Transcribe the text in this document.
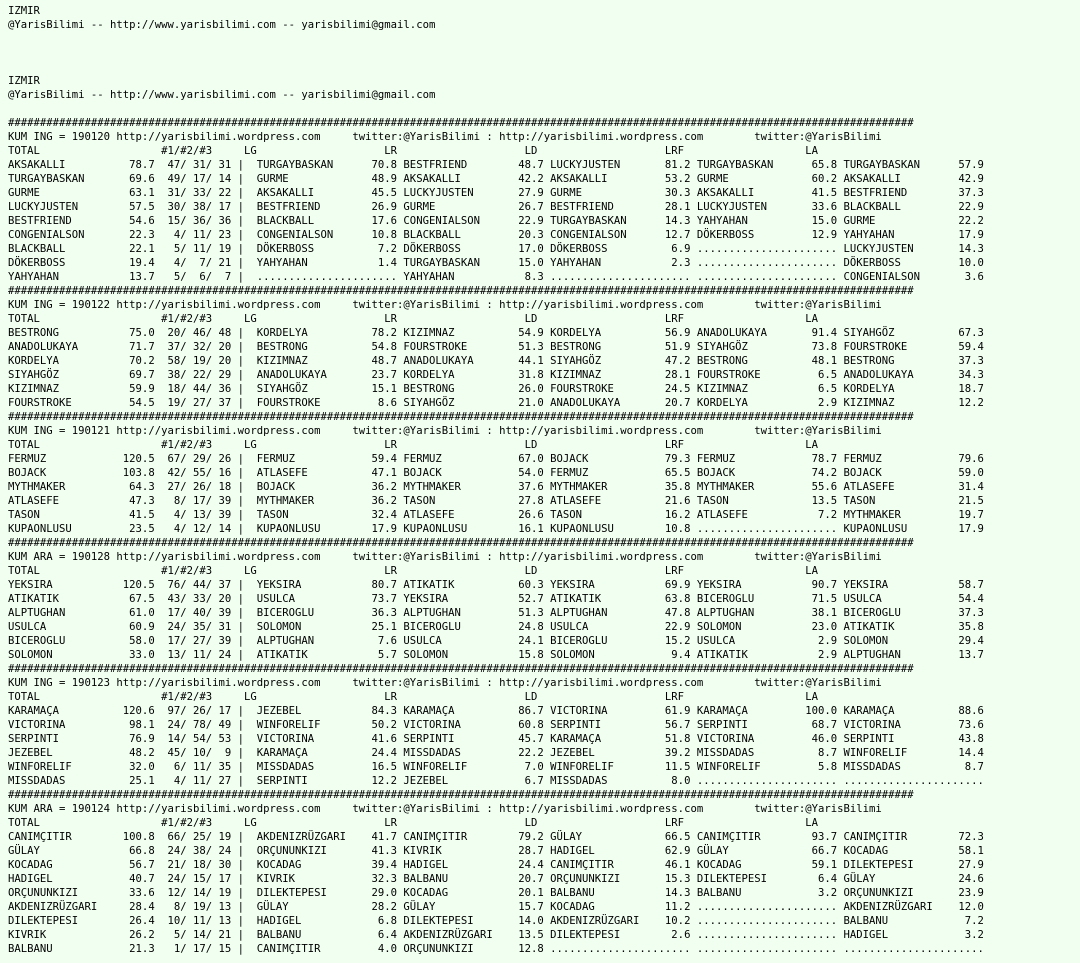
IZMIR
@YarisBilimi -- http://www.yarisbilimi.com -- yarisbilimi@gmail.com
IZMIR
@YarisBilimi -- http://www.yarisbilimi.com -- yarisbilimi@gmail.com
##############################################################################################################################################
KUM ING = 190120 http://yarisbilimi.wordpress.com     twitter:@YarisBilimi : http://yarisbilimi.wordpress.com        twitter:@YarisBilimi
TOTAL                   #1/#2/#3     LG                    LR                    LD                    LRF                   LA
AKSAKALLI          78.7  47/ 31/ 31 |  TURGAYBASKAN      70.8 BESTFRIEND        48.7 LUCKYJUSTEN       81.2 TURGAYBASKAN      65.8 TURGAYBASKAN      57.9
TURGAYBASKAN       69.6  49/ 17/ 14 |  GURME             48.9 AKSAKALLI         42.2 AKSAKALLI         53.2 GURME             60.2 AKSAKALLI         42.9
GURME              63.1  31/ 33/ 22 |  AKSAKALLI         45.5 LUCKYJUSTEN       27.9 GURME             30.3 AKSAKALLI         41.5 BESTFRIEND        37.3
LUCKYJUSTEN        57.5  30/ 38/ 17 |  BESTFRIEND        26.9 GURME             26.7 BESTFRIEND        28.1 LUCKYJUSTEN       33.6 BLACKBALL         22.9
BESTFRIEND         54.6  15/ 36/ 36 |  BLACKBALL         17.6 CONGENIALSON      22.9 TURGAYBASKAN      14.3 YAHYAHAN          15.0 GURME             22.2
CONGENIALSON       22.3   4/ 11/ 23 |  CONGENIALSON      10.8 BLACKBALL         20.3 CONGENIALSON      12.7 DÖKERBOSS         12.9 YAHYAHAN          17.9
BLACKBALL          22.1   5/ 11/ 19 |  DÖKERBOSS          7.2 DÖKERBOSS         17.0 DÖKERBOSS          6.9 ...................... LUCKYJUSTEN       14.3
DÖKERBOSS          19.4   4/  7/ 21 |  YAHYAHAN           1.4 TURGAYBASKAN      15.0 YAHYAHAN           2.3 ...................... DÖKERBOSS         10.0
YAHYAHAN           13.7   5/  6/  7 |  ...................... YAHYAHAN           8.3 ...................... ...................... CONGENIALSON       3.6
##############################################################################################################################################
KUM ING = 190122 http://yarisbilimi.wordpress.com     twitter:@YarisBilimi : http://yarisbilimi.wordpress.com        twitter:@YarisBilimi
TOTAL                   #1/#2/#3     LG                    LR                    LD                    LRF                   LA
BESTRONG           75.0  20/ 46/ 48 |  KORDELYA          78.2 KIZIMNAZ          54.9 KORDELYA          56.9 ANADOLUKAYA       91.4 SIYAHGÖZ          67.3
ANADOLUKAYA        71.7  37/ 32/ 20 |  BESTRONG          54.8 FOURSTROKE        51.3 BESTRONG          51.9 SIYAHGÖZ          73.8 FOURSTROKE        59.4
KORDELYA           70.2  58/ 19/ 20 |  KIZIMNAZ          48.7 ANADOLUKAYA       44.1 SIYAHGÖZ          47.2 BESTRONG          48.1 BESTRONG          37.3
SIYAHGÖZ           69.7  38/ 22/ 29 |  ANADOLUKAYA       23.7 KORDELYA          31.8 KIZIMNAZ          28.1 FOURSTROKE         6.5 ANADOLUKAYA       34.3
KIZIMNAZ           59.9  18/ 44/ 36 |  SIYAHGÖZ          15.1 BESTRONG          26.0 FOURSTROKE        24.5 KIZIMNAZ           6.5 KORDELYA          18.7
FOURSTROKE         54.5  19/ 27/ 37 |  FOURSTROKE         8.6 SIYAHGÖZ          21.0 ANADOLUKAYA       20.7 KORDELYA           2.9 KIZIMNAZ          12.2
##############################################################################################################################################
KUM ING = 190121 http://yarisbilimi.wordpress.com     twitter:@YarisBilimi : http://yarisbilimi.wordpress.com        twitter:@YarisBilimi
TOTAL                   #1/#2/#3     LG                    LR                    LD                    LRF                   LA
FERMUZ            120.5  67/ 29/ 26 |  FERMUZ            59.4 FERMUZ            67.0 BOJACK            79.3 FERMUZ            78.7 FERMUZ            79.6
BOJACK            103.8  42/ 55/ 16 |  ATLASEFE          47.1 BOJACK            54.0 FERMUZ            65.5 BOJACK            74.2 BOJACK            59.0
MYTHMAKER          64.3  27/ 26/ 18 |  BOJACK            36.2 MYTHMAKER         37.6 MYTHMAKER         35.8 MYTHMAKER         55.6 ATLASEFE          31.4
ATLASEFE           47.3   8/ 17/ 39 |  MYTHMAKER         36.2 TASON             27.8 ATLASEFE          21.6 TASON             13.5 TASON             21.5
TASON              41.5   4/ 13/ 39 |  TASON             32.4 ATLASEFE          26.6 TASON             16.2 ATLASEFE           7.2 MYTHMAKER         19.7
KUPAONLUSU         23.5   4/ 12/ 14 |  KUPAONLUSU        17.9 KUPAONLUSU        16.1 KUPAONLUSU        10.8 ...................... KUPAONLUSU        17.9
##############################################################################################################################################
KUM ARA = 190128 http://yarisbilimi.wordpress.com     twitter:@YarisBilimi : http://yarisbilimi.wordpress.com        twitter:@YarisBilimi
TOTAL                   #1/#2/#3     LG                    LR                    LD                    LRF                   LA
YEKSIRA           120.5  76/ 44/ 37 |  YEKSIRA           80.7 ATIKATIK          60.3 YEKSIRA           69.9 YEKSIRA           90.7 YEKSIRA           58.7
ATIKATIK           67.5  43/ 33/ 20 |  USULCA            73.7 YEKSIRA           52.7 ATIKATIK          63.8 BICEROGLU         71.5 USULCA            54.4
ALPTUGHAN          61.0  17/ 40/ 39 |  BICEROGLU         36.3 ALPTUGHAN         51.3 ALPTUGHAN         47.8 ALPTUGHAN         38.1 BICEROGLU         37.3
USULCA             60.9  24/ 35/ 31 |  SOLOMON           25.1 BICEROGLU         24.8 USULCA            22.9 SOLOMON           23.0 ATIKATIK          35.8
BICEROGLU          58.0  17/ 27/ 39 |  ALPTUGHAN          7.6 USULCA            24.1 BICEROGLU         15.2 USULCA             2.9 SOLOMON           29.4
SOLOMON            33.0  13/ 11/ 24 |  ATIKATIK           5.7 SOLOMON           15.8 SOLOMON            9.4 ATIKATIK           2.9 ALPTUGHAN         13.7
##############################################################################################################################################
KUM ING = 190123 http://yarisbilimi.wordpress.com     twitter:@YarisBilimi : http://yarisbilimi.wordpress.com        twitter:@YarisBilimi
TOTAL                   #1/#2/#3     LG                    LR                    LD                    LRF                   LA
KARAMAÇA          120.6  97/ 26/ 17 |  JEZEBEL           84.3 KARAMAÇA          86.7 VICTORINA         61.9 KARAMAÇA         100.0 KARAMAÇA          88.6
VICTORINA          98.1  24/ 78/ 49 |  WINFORELIF        50.2 VICTORINA         60.8 SERPINTI          56.7 SERPINTI          68.7 VICTORINA         73.6
SERPINTI           76.9  14/ 54/ 53 |  VICTORINA         41.6 SERPINTI          45.7 KARAMAÇA          51.8 VICTORINA         46.0 SERPINTI          43.8
JEZEBEL            48.2  45/ 10/  9 |  KARAMAÇA          24.4 MISSDADAS         22.2 JEZEBEL           39.2 MISSDADAS          8.7 WINFORELIF        14.4
WINFORELIF         32.0   6/ 11/ 35 |  MISSDADAS         16.5 WINFORELIF         7.0 WINFORELIF        11.5 WINFORELIF         5.8 MISSDADAS          8.7
MISSDADAS          25.1   4/ 11/ 27 |  SERPINTI          12.2 JEZEBEL            6.7 MISSDADAS          8.0 ...................... ......................
##############################################################################################################################################
KUM ARA = 190124 http://yarisbilimi.wordpress.com     twitter:@YarisBilimi : http://yarisbilimi.wordpress.com        twitter:@YarisBilimi
TOTAL                   #1/#2/#3     LG                    LR                    LD                    LRF                   LA
CANIMÇITIR        100.8  66/ 25/ 19 |  AKDENIZRÜZGARI    41.7 CANIMÇITIR        79.2 GÜLAY             66.5 CANIMÇITIR        93.7 CANIMÇITIR        72.3
GÜLAY              66.8  24/ 38/ 24 |  ORÇUNUNKIZI       41.3 KIVRIK            28.7 HADIGEL           62.9 GÜLAY             66.7 KOCADAG           58.1
KOCADAG            56.7  21/ 18/ 30 |  KOCADAG           39.4 HADIGEL           24.4 CANIMÇITIR        46.1 KOCADAG           59.1 DILEKTEPESI       27.9
HADIGEL            40.7  24/ 15/ 17 |  KIVRIK            32.3 BALBANU           20.7 ORÇUNUNKIZI       15.3 DILEKTEPESI        6.4 GÜLAY             24.6
ORÇUNUNKIZI        33.6  12/ 14/ 19 |  DILEKTEPESI       29.0 KOCADAG           20.1 BALBANU           14.3 BALBANU            3.2 ORÇUNUNKIZI       23.9
AKDENIZRÜZGARI     28.4   8/ 19/ 13 |  GÜLAY             28.2 GÜLAY             15.7 KOCADAG           11.2 ...................... AKDENIZRÜZGARI    12.0
DILEKTEPESI        26.4  10/ 11/ 13 |  HADIGEL            6.8 DILEKTEPESI       14.0 AKDENIZRÜZGARI    10.2 ...................... BALBANU            7.2
KIVRIK             26.2   5/ 14/ 21 |  BALBANU            6.4 AKDENIZRÜZGARI    13.5 DILEKTEPESI        2.6 ...................... HADIGEL            3.2
BALBANU            21.3   1/ 17/ 15 |  CANIMÇITIR         4.0 ORÇUNUNKIZI       12.8 ...................... ...................... ......................
